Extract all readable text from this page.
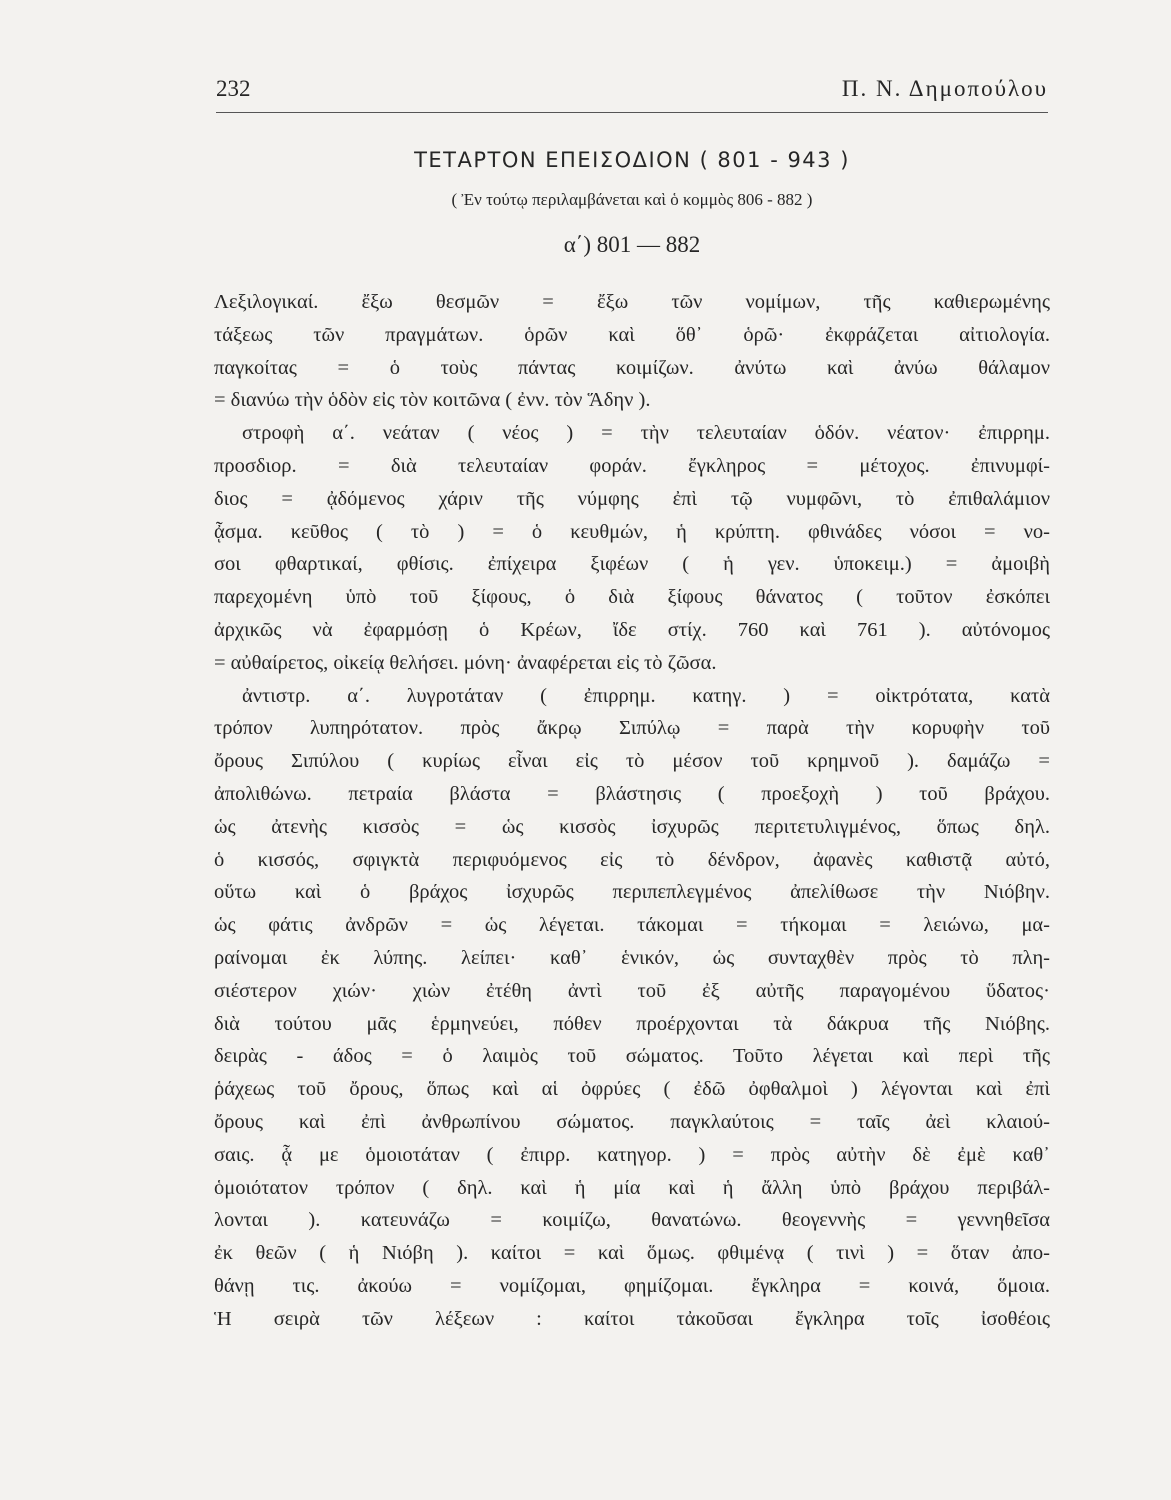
232	Π. Ν. Δημοπούλου
ΤΕΤΑΡΤΟΝ ΕΠΕΙΣΟΔΙΟΝ ( 801 - 943 )
( Ἐν τούτῳ περιλαμβάνεται καὶ ὁ κομμὸς 806 - 882 )
α΄) 801 — 882
Λεξιλογικαί. ἔξω θεσμῶν = ἔξω τῶν νομίμων, τῆς καθιερωμένης
τάξεως τῶν πραγμάτων. ὁρῶν καὶ ὅθ᾽ ὁρῶ· ἐκφράζεται αἰτιολογία.
παγκοίτας = ὁ τοὺς πάντας κοιμίζων. ἀνύτω καὶ ἀνύω θάλαμον
= διανύω τὴν ὁδὸν εἰς τὸν κοιτῶνα ( ἐνν. τὸν Ἅδην ).
στροφὴ α΄. νεάταν ( νέος ) = τὴν τελευταίαν ὁδόν. νέατον· ἐπιρρημ.
προσδιορ. = διὰ τελευταίαν φοράν. ἔγκληρος = μέτοχος. ἐπινυμφί-
διος = ᾀδόμενος χάριν τῆς νύμφης ἐπὶ τῷ νυμφῶνι, τὸ ἐπιθαλάμιον
ᾆσμα. κεῦθος ( τὸ ) = ὁ κευθμών, ἡ κρύπτη. φθινάδες νόσοι = νο-
σοι φθαρτικαί, φθίσις. ἐπίχειρα ξιφέων ( ἡ γεν. ὑποκειμ.) = ἀμοιβὴ
παρεχομένη ὑπὸ τοῦ ξίφους, ὁ διὰ ξίφους θάνατος ( τοῦτον ἐσκόπει
ἀρχικῶς νὰ ἐφαρμόσῃ ὁ Κρέων, ἴδε στίχ. 760 καὶ 761 ). αὐτόνομος
= αὐθαίρετος, οἰκείᾳ θελήσει. μόνη· ἀναφέρεται εἰς τὸ ζῶσα.
ἀντιστρ. α΄. λυγροτάταν ( ἐπιρρημ. κατηγ. ) = οἰκτρότατα, κατὰ
τρόπον λυπηρότατον. πρὸς ἄκρῳ Σιπύλῳ = παρὰ τὴν κορυφὴν τοῦ
ὄρους Σιπύλου ( κυρίως εἶναι εἰς τὸ μέσον τοῦ κρημνοῦ ). δαμάζω =
ἀπολιθώνω. πετραία βλάστα = βλάστησις ( προεξοχὴ ) τοῦ βράχου.
ὡς ἀτενὴς κισσὸς = ὡς κισσὸς ἰσχυρῶς περιτετυλιγμένος, ὅπως δηλ.
ὁ κισσός, σφιγκτὰ περιφυόμενος εἰς τὸ δένδρον, ἀφανὲς καθιστᾷ αὐτό,
οὕτω καὶ ὁ βράχος ἰσχυρῶς περιπεπλεγμένος ἀπελίθωσε τὴν Νιόβην.
ὡς φάτις ἀνδρῶν = ὡς λέγεται. τάκομαι = τήκομαι = λειώνω, μα-
ραίνομαι ἐκ λύπης. λείπει· καθ᾽ ἑνικόν, ὡς συνταχθὲν πρὸς τὸ πλη-
σιέστερον χιών· χιὼν ἐτέθη ἀντὶ τοῦ ἐξ αὐτῆς παραγομένου ὕδατος·
διὰ τούτου μᾶς ἑρμηνεύει, πόθεν προέρχονται τὰ δάκρυα τῆς Νιόβης.
δειρὰς - άδος = ὁ λαιμὸς τοῦ σώματος. Τοῦτο λέγεται καὶ περὶ τῆς
ῥάχεως τοῦ ὄρους, ὅπως καὶ αἱ ὀφρύες ( ἐδῶ ὀφθαλμοὶ ) λέγονται καὶ ἐπὶ
ὄρους καὶ ἐπὶ ἀνθρωπίνου σώματος. παγκλαύτοις = ταῖς ἀεὶ κλαιού-
σαις. ᾇ με ὁμοιοτάταν ( ἐπιρρ. κατηγορ. ) = πρὸς αὐτὴν δὲ ἐμὲ καθ᾽
ὁμοιότατον τρόπον ( δηλ. καὶ ἡ μία καὶ ἡ ἄλλη ὑπὸ βράχου περιβάλ-
λονται ). κατευνάζω = κοιμίζω, θανατώνω. θεογεννὴς = γεννηθεῖσα
ἐκ θεῶν ( ἡ Νιόβη ). καίτοι = καὶ ὅμως. φθιμένᾳ ( τινὶ ) = ὅταν ἀπο-
θάνῃ τις. ἀκούω = νομίζομαι, φημίζομαι. ἔγκληρα = κοινά, ὅμοια.
Ἡ σειρὰ τῶν λέξεων : καίτοι τἀκοῦσαι ἔγκληρα τοῖς ἰσοθέοις
